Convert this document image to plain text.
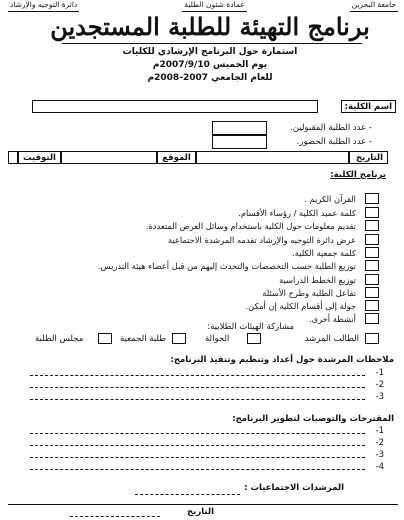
جامعة البحرين
عمادة شئون الطلبة
دائرة التوجيه والإرشاد
برنامج التهيئة للطلبة المستجدين
استمارة حول البرنامج الإرشادي للكليات
يوم الخميس 2007/9/10م
للعام الجامعي 2007-2008م
اسم الكلية:
- عدد الطلبة المقبولين.
- عدد الطلبة الحضور.
التاريخ
الموقع
التوقيت
برنامج الكلية:
القرآن الكريم .
كلمة عميد الكلية / رؤساء الأقسام.
تقديم معلومات حول الكلية باستخدام وسائل العرض المتعددة.
عرض دائرة التوجيه والإرشاد تقدمه المرشدة الاجتماعية
كلمة جمعية الكلية.
توزيع الطلبة حسب التخصصات والتحدث إليهم من قبل أعضاء هيئة التدريس.
توزيع الخطط الدراسية
تفاعل الطلبة وطرح الأسئلة
جولة إلى أقسام الكلية إن أمكن.
أنشطة أخرى.
مشاركة الهيئات الطلابية:
الطالب المرشد
الجوالة
طلبة الجمعية
مجلس الطلبة
ملاحظات المرشدة حول أعداد وتنظيم وتنفيذ البرنامج:
-1
-2
-3
المقترحات والتوصيات لتطوير البرنامج:
-1
-2
-3
-4
المرشدات الاجتماعيات :
التاريخ
